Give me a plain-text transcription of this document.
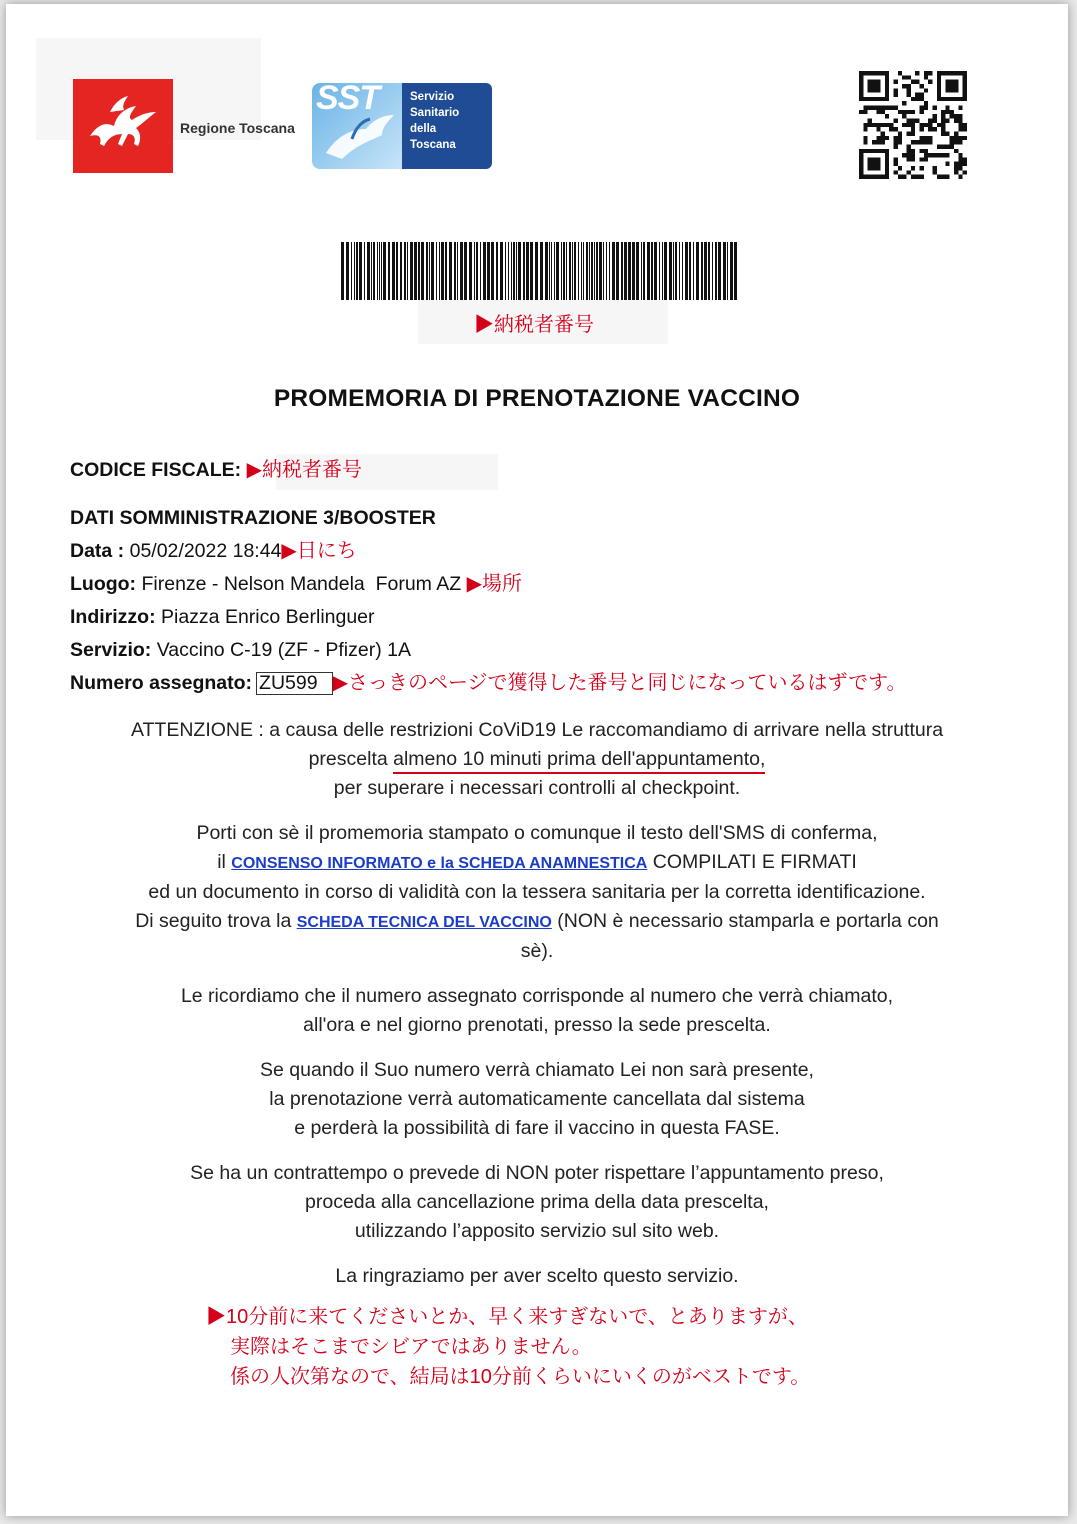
Regione Toscana
SST	Servizio
Sanitario
della
Toscana
▶納税者番号
PROMEMORIA DI PRENOTAZIONE VACCINO
CODICE FISCALE: ▶納税者番号
DATI SOMMINISTRAZIONE 3/BOOSTER
Data : 05/02/2022 18:44▶日にち
Luogo: Firenze - Nelson Mandela  Forum AZ ▶場所
Indirizzo: Piazza Enrico Berlinguer
Servizio: Vaccino C-19 (ZF - Pfizer) 1A
Numero assegnato: ZU599 ▶さっきのページで獲得した番号と同じになっているはずです。

ATTENZIONE : a causa delle restrizioni CoViD19 Le raccomandiamo di arrivare nella struttura
prescelta almeno 10 minuti prima dell'appuntamento,
per superare i necessari controlli al checkpoint.

Porti con sè il promemoria stampato o comunque il testo dell'SMS di conferma,
il CONSENSO INFORMATO e la SCHEDA ANAMNESTICA COMPILATI E FIRMATI
ed un documento in corso di validità con la tessera sanitaria per la corretta identificazione.
Di seguito trova la SCHEDA TECNICA DEL VACCINO (NON è necessario stamparla e portarla con
sè).

Le ricordiamo che il numero assegnato corrisponde al numero che verrà chiamato,
all'ora e nel giorno prenotati, presso la sede prescelta.

Se quando il Suo numero verrà chiamato Lei non sarà presente,
la prenotazione verrà automaticamente cancellata dal sistema
e perderà la possibilità di fare il vaccino in questa FASE.

Se ha un contrattempo o prevede di NON poter rispettare l’appuntamento preso,
proceda alla cancellazione prima della data prescelta,
utilizzando l’apposito servizio sul sito web.

La ringraziamo per aver scelto questo servizio.

▶10分前に来てくださいとか、早く来すぎないで、とありますが、
実際はそこまでシビアではありません。
係の人次第なので、結局は10分前くらいにいくのがベストです。
